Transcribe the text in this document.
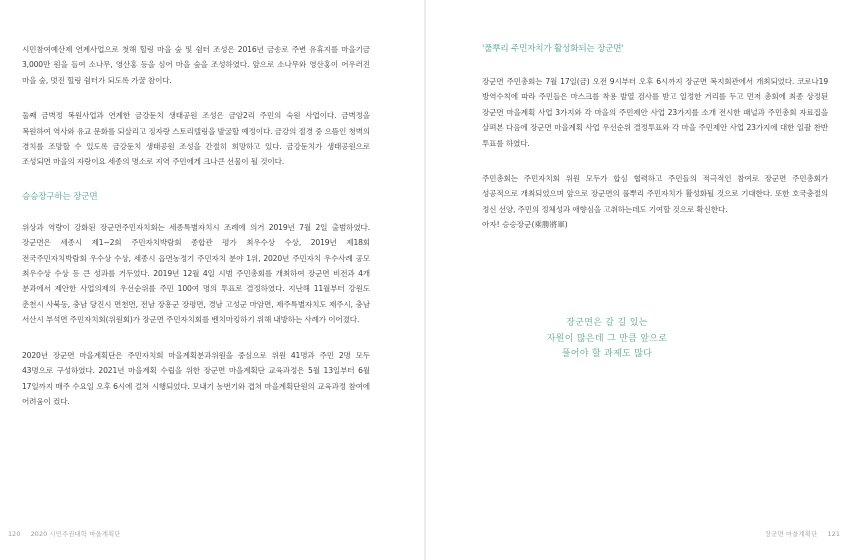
시민참여예산제 연계사업으로 첫해 힐링 마을 숲 및 쉼터 조성은 2016년 금송로 주변 유휴지를 마을기금 3,000만 원을 들여 소나무, 영산홍 등을 심어 마을 숲을 조성하였다. 앞으로 소나무와 영산홍이 어우러진 마을 숲, 멋진 힐링 쉼터가 되도록 가꿀 참이다.

둘째 금벽정 복원사업과 연계한 금강둔치 생태공원 조성은 금암2리 주민의 숙원 사업이다. 금벽정을 복원하여 역사와 유교 문화를 되살리고 징자랑 스토리텔링을 발굴할 예정이다. 금강의 절경 중 으뜸인 청벽의 경치를 조망할 수 있도록 금강둔치 생태공원 조성을 간절히 희망하고 있다. 금강둔치가 생태공원으로 조성되면 마을의 자랑이요 세종의 명소로 지역 주민에게 크나큰 선물이 될 것이다.

승승장구하는 장군면

위상과 역량이 강화된 장군면주민자치회는 세종특별자치시 조례에 의거 2019년 7월 2일 출범하였다. 장군면은 세종시 제1~2회 주민자치박람회 종합관 평가 최우수상 수상, 2019년 제18회 전국주민자치박람회 우수상 수상, 세종시 읍면농정기 주민자치 분야 1위, 2020년 주민자치 우수사례 공모 최우수상 수상 등 큰 성과를 거두었다. 2019년 12월 4일 시범 주민총회를 개최하여 장군면 비전과 4개 분과에서 제안한 사업의제의 우선순위를 주민 100여 명의 투표로 결정하였다. 지난해 11월부터 강원도 춘천시 사북동, 충남 당진시 면천면, 전남 장흥군 장평면, 경남 고성군 마암면, 제주특별자치도 제주시, 충남 서산시 부석면 주민자치회(위원회)가 장군면 주민자치회를 벤치마킹하기 위해 내방하는 사례가 이어졌다.

2020년 장군면 마을계획단은 주민자치회 마을계획분과위원을 중심으로 위원 41명과 주민 2명 모두 43명으로 구성하였다. 2021년 마을계획 수립을 위한 장군면 마을계획단 교육과정은 5월 13일부터 6월 17일까지 매주 수요일 오후 6시에 걸쳐 시행되었다. 모내기 농번기와 겹쳐 마을계획단원의 교육과정 참여에 어려움이 컸다.

'풀뿌리 주민자치가 활성화되는 장군면'

장군면 주민총회는 7월 17일(금) 오전 9시부터 오후 6시까지 장군면 복지회관에서 개최되었다. 코로나19 방역수칙에 따라 주민들은 마스크를 착용 발열 검사를 받고 일정한 거리를 두고 먼저 총회에 최종 상정된 장군면 마을계획 사업 3가지와 각 마을의 주민제안 사업 23가지를 소개 전시한 패널과 주민총회 자료집을 살펴본 다음에 장군면 마을계획 사업 우선순위 결정투표와 각 마을 주민제안 사업 23가지에 대한 일괄 찬반 투표를 하였다.

주민총회는 주민자치회 위원 모두가 합심 협력하고 주민들의 적극적인 참여로 장군면 주민총회가 성공적으로 개최되었으며 앞으로 장군면의 풀뿌리 주민자치가 활성화될 것으로 기대한다. 또한 호국충절의 정신 선양, 주민의 정체성과 애향심을 고취하는데도 기여할 것으로 확신한다.

아자! 승승장군(乘勝將軍)

장군면은 갈 길 있는
자원이 많은데 그 만큼 앞으로
풀어야 할 과제도 많다
120 2020 시민주권대학 마을계획단	장군면 마을계획단 121
